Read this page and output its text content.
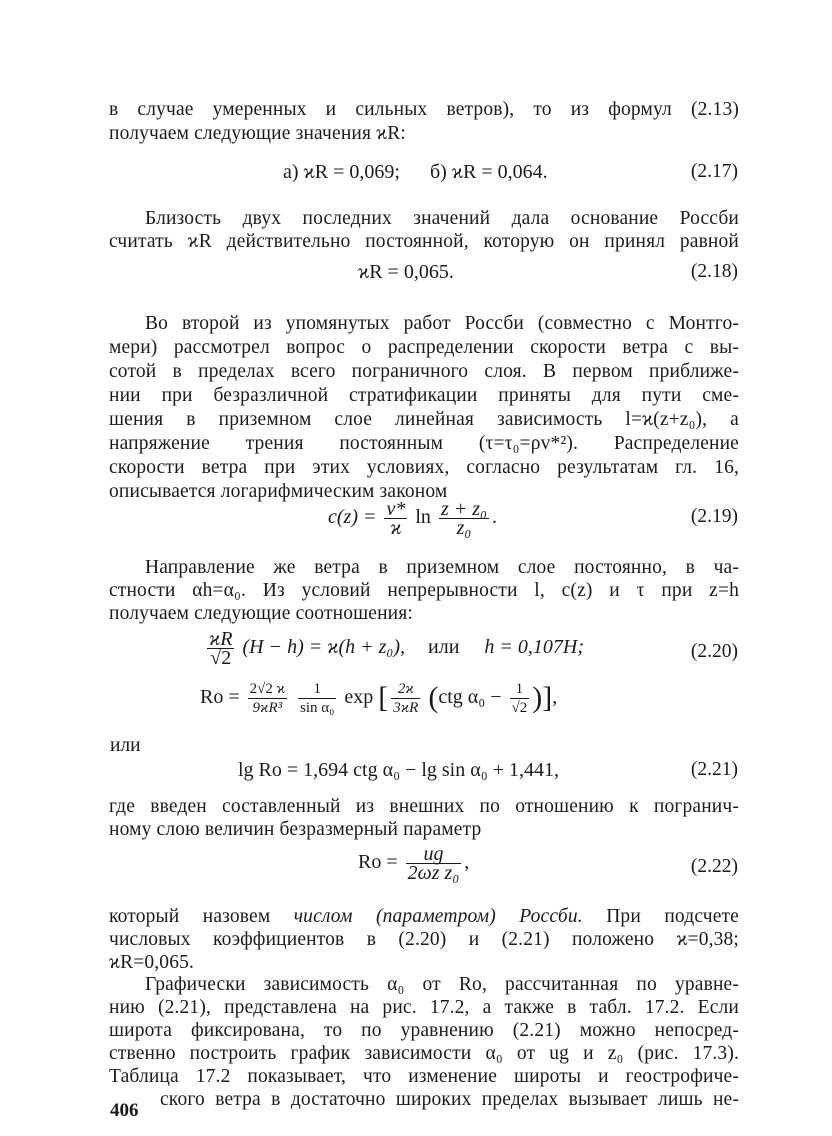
в случае умеренных и сильных ветров), то из формул (2.13)
получаем следующие значения ϰR:
а) ϰR = 0,069; б) ϰR = 0,064.	(2.17)
Близость двух последних значений дала основание Россби
считать ϰR действительно постоянной, которую он принял равной
ϰR = 0,065.	(2.18)
Во второй из упомянутых работ Россби (совместно с Монтго-
мери) рассмотрел вопрос о распределении скорости ветра с вы-
сотой в пределах всего пограничного слоя. В первом приближе-
нии при безразличной стратификации приняты для пути сме-
шения в приземном слое линейная зависимость l=ϰ(z+z₀), а
напряжение трения постоянным (τ=τ₀=ρv*²). Распределение
скорости ветра при этих условиях, согласно результатам гл. 16,
описывается логарифмическим законом
$c(z) = \frac{v*}{ϰ}$ $\ln \frac{\text{z + z₀}}{\text{z₀}}$ .	(2.19)
Направление же ветра в приземном слое постоянно, в ча-
стности αh=α₀. Из условий непрерывности l, c(z) и τ при z=h
получаем следующие соотношения:
$\frac{ϰR}{√2} (H - h) = ϰ(h + z_0)$, или h = 0,107H;	(2.20)
$Ro = \frac{2√2 ϰ}{\text{9ϰR³}}$
$\frac{1}{\text{sin α₀}}$ exp [ $\frac{2ϰ}{3ϰR} (ctg$ $\alpha_0 - \frac{1}{√2}$ )],
или
lg Ro = 1,694 ctg α₀ − lg sin α₀ + 1,441,	(2.21)
где введен составленный из внешних по отношению к погранич-
ному слою величин безразмерный параметр
$Ro = \frac{ug}{\text{2ωz z₀}}$ ,	(2.22)
который назовем числом (параметром) Россби. При подсчете
числовых коэффициентов в (2.20) и (2.21) положено ϰ=0,38;
ϰR=0,065.
Графически зависимость α₀ от Ro, рассчитанная по уравне-
нию (2.21), представлена на рис. 17.2, а также в табл. 17.2. Если
широта фиксирована, то по уравнению (2.21) можно непосред-
ственно построить график зависимости α₀ от ug и z₀ (рис. 17.3).
Таблица 17.2 показывает, что изменение широты и геострофиче-
ского ветра в достаточно широких пределах вызывает лишь не-
406
